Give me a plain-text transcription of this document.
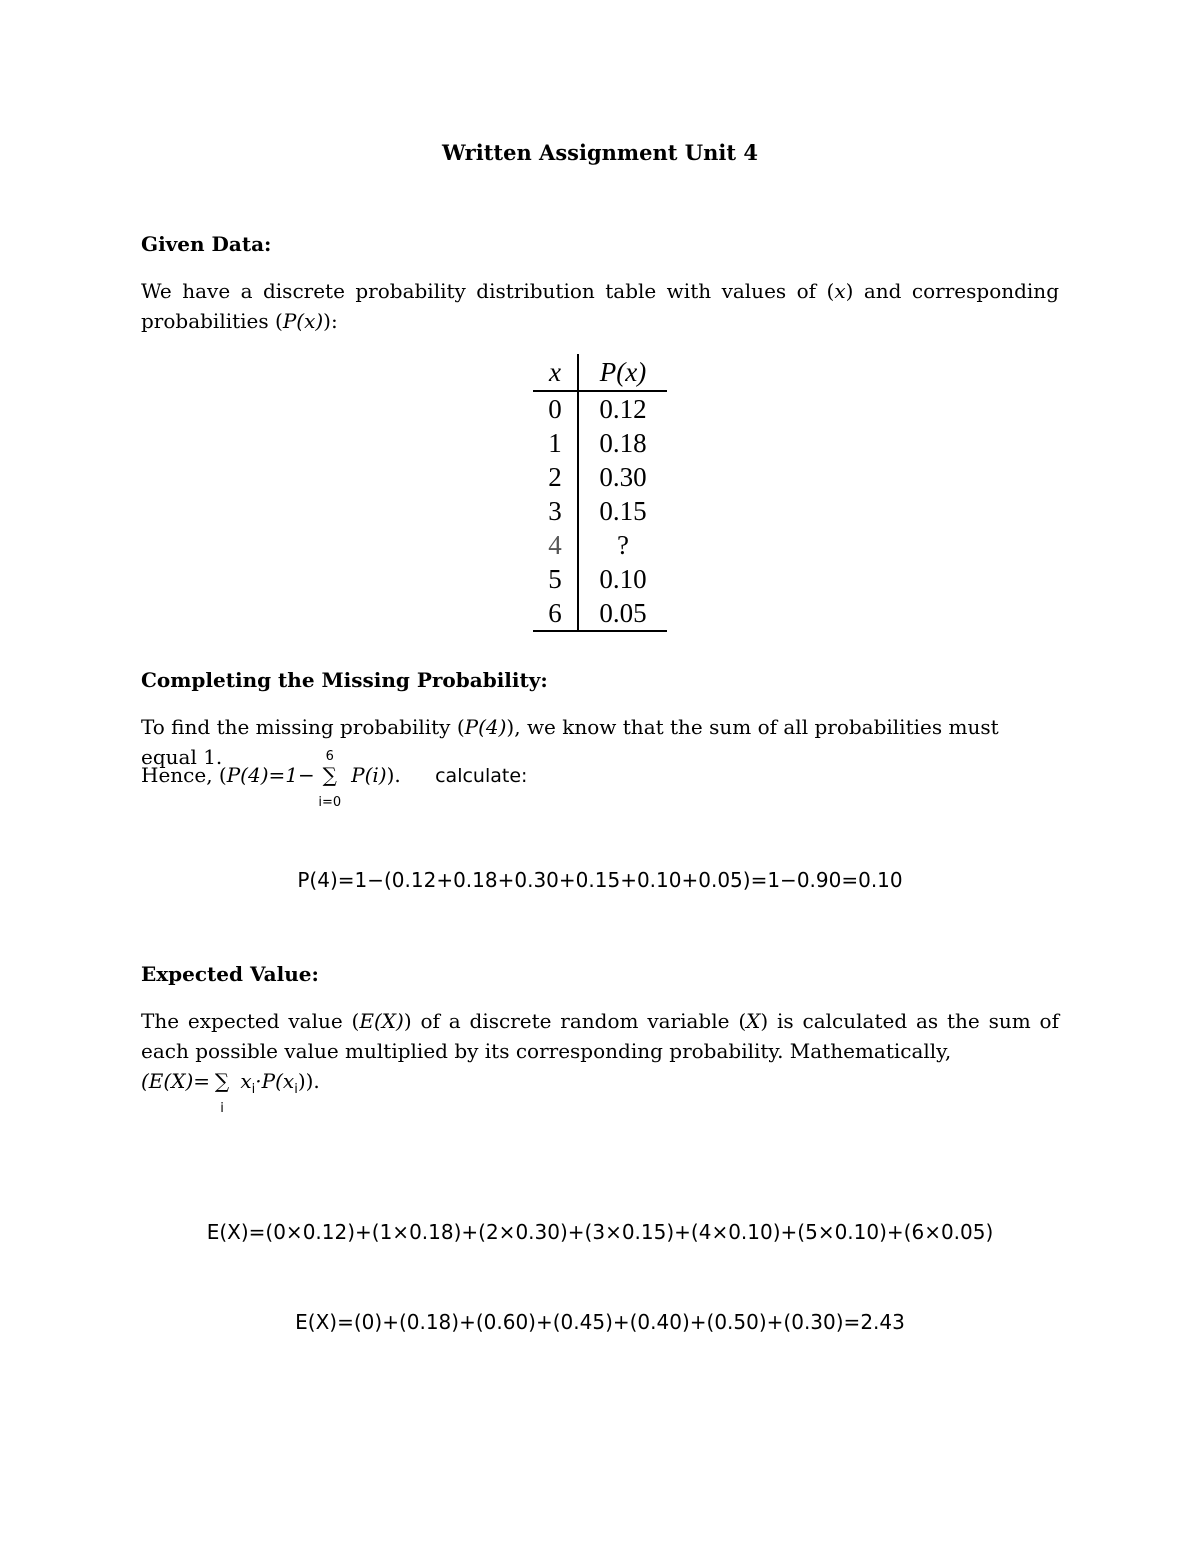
Written Assignment Unit 4
Given Data:
We have a discrete probability distribution table with values of (x) and corresponding probabilities (P(x)):
x	P(x)
0	0.12
1	0.18
2	0.30
3	0.15
4	?
5	0.10
6	0.05
Completing the Missing Probability:
To find the missing probability (P(4)), we know that the sum of all probabilities must equal 1.
Hence, (P(4)=1−
6
∑
i=0
P(i)). calculate:
P(4)=1−(0.12+0.18+0.30+0.15+0.10+0.05)=1−0.90=0.10
Expected Value:
The expected value (E(X)) of a discrete random variable (X) is calculated as the sum of each possible value multiplied by its corresponding probability. Mathematically,
(E(X)= ∑
i
$x_i\cdot P(x_i)$).
E(X)=(0×0.12)+(1×0.18)+(2×0.30)+(3×0.15)+(4×0.10)+(5×0.10)+(6×0.05)
E(X)=(0)+(0.18)+(0.60)+(0.45)+(0.40)+(0.50)+(0.30)=2.43
